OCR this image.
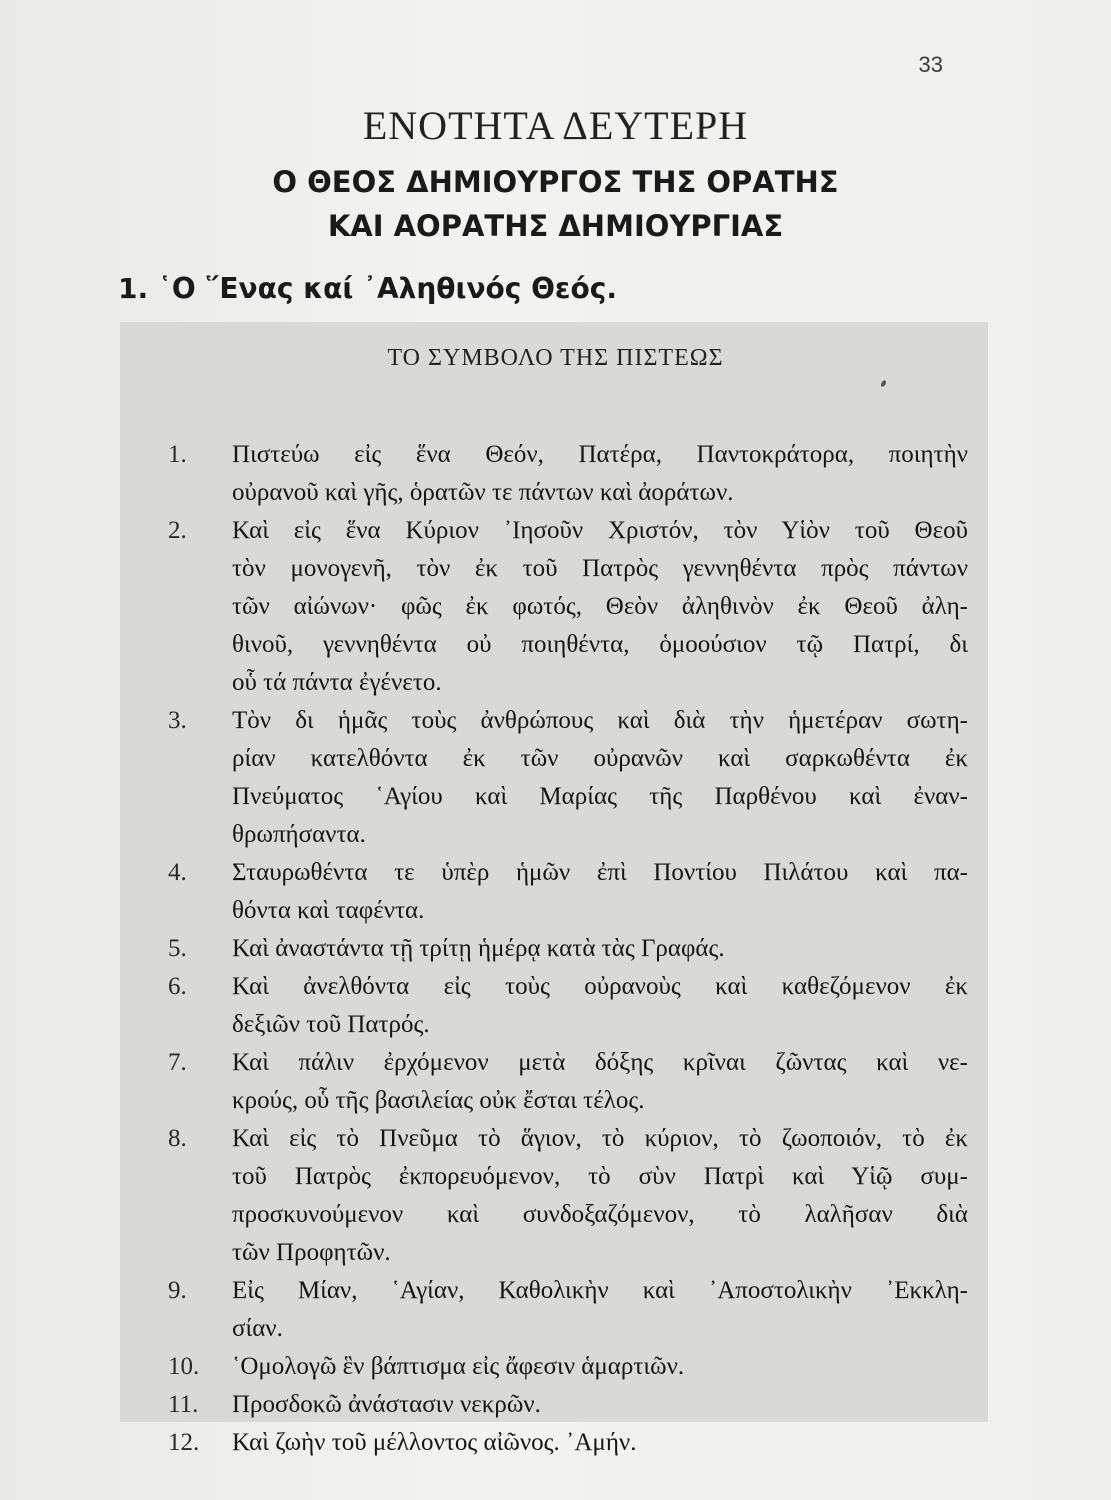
33
ΕΝΟΤΗΤΑ ΔΕΥΤΕΡΗ
Ο ΘΕΟΣ ΔΗΜΙΟΥΡΓΟΣ ΤΗΣ ΟΡΑΤΗΣ
ΚΑΙ ΑΟΡΑΤΗΣ ΔΗΜΙΟΥΡΓΙΑΣ
1. ῾Ο ῞Ενας καί ᾿Αληθινός Θεός.
ΤΟ ΣΥΜΒΟΛΟ ΤΗΣ ΠΙΣΤΕΩΣ
1.	Πιστεύω εἰς ἕνα Θεόν, Πατέρα, Παντοκράτορα, ποιητὴν
οὐρανοῦ καὶ γῆς, ὁρατῶν τε πάντων καὶ ἀοράτων.
2.	Καὶ εἰς ἕνα Κύριον ᾿Ιησοῦν Χριστόν, τὸν Υἱὸν τοῦ Θεοῦ
τὸν μονογενῆ, τὸν ἐκ τοῦ Πατρὸς γεννηθέντα πρὸς πάντων
τῶν αἰώνων· φῶς ἐκ φωτός, Θεὸν ἀληθινὸν ἐκ Θεοῦ ἀλη-
θινοῦ, γεννηθέντα οὐ ποιηθέντα, ὁμοούσιον τῷ Πατρί, δι
οὗ τά πάντα ἐγένετο.
3.	Τὸν δι ἡμᾶς τοὺς ἀνθρώπους καὶ διὰ τὴν ἡμετέραν σωτη-
ρίαν κατελθόντα ἐκ τῶν οὐρανῶν καὶ σαρκωθέντα ἐκ
Πνεύματος ῾Αγίου καὶ Μαρίας τῆς Παρθένου καὶ ἐναν-
θρωπήσαντα.
4.	Σταυρωθέντα τε ὑπὲρ ἡμῶν ἐπὶ Ποντίου Πιλάτου καὶ πα-
θόντα καὶ ταφέντα.
5.	Καὶ ἀναστάντα τῇ τρίτῃ ἡμέρᾳ κατὰ τὰς Γραφάς.
6.	Καὶ ἀνελθόντα εἰς τοὺς οὐρανοὺς καὶ καθεζόμενον ἐκ
δεξιῶν τοῦ Πατρός.
7.	Καὶ πάλιν ἐρχόμενον μετὰ δόξης κρῖναι ζῶντας καὶ νε-
κρούς, οὗ τῆς βασιλείας οὐκ ἔσται τέλος.
8.	Καὶ εἰς τὸ Πνεῦμα τὸ ἅγιον, τὸ κύριον, τὸ ζωοποιόν, τὸ ἐκ
τοῦ Πατρὸς ἐκπορευόμενον, τὸ σὺν Πατρὶ καὶ Υἱῷ συμ-
προσκυνούμενον καὶ συνδοξαζόμενον, τὸ λαλῆσαν διὰ
τῶν Προφητῶν.
9.	Εἰς Μίαν, ῾Αγίαν, Καθολικὴν καὶ ᾿Αποστολικὴν ᾿Εκκλη-
σίαν.
10.	῾Ομολογῶ ἓν βάπτισμα εἰς ἄφεσιν ἁμαρτιῶν.
11.	Προσδοκῶ ἀνάστασιν νεκρῶν.
12.	Καὶ ζωὴν τοῦ μέλλοντος αἰῶνος. ᾿Αμήν.
